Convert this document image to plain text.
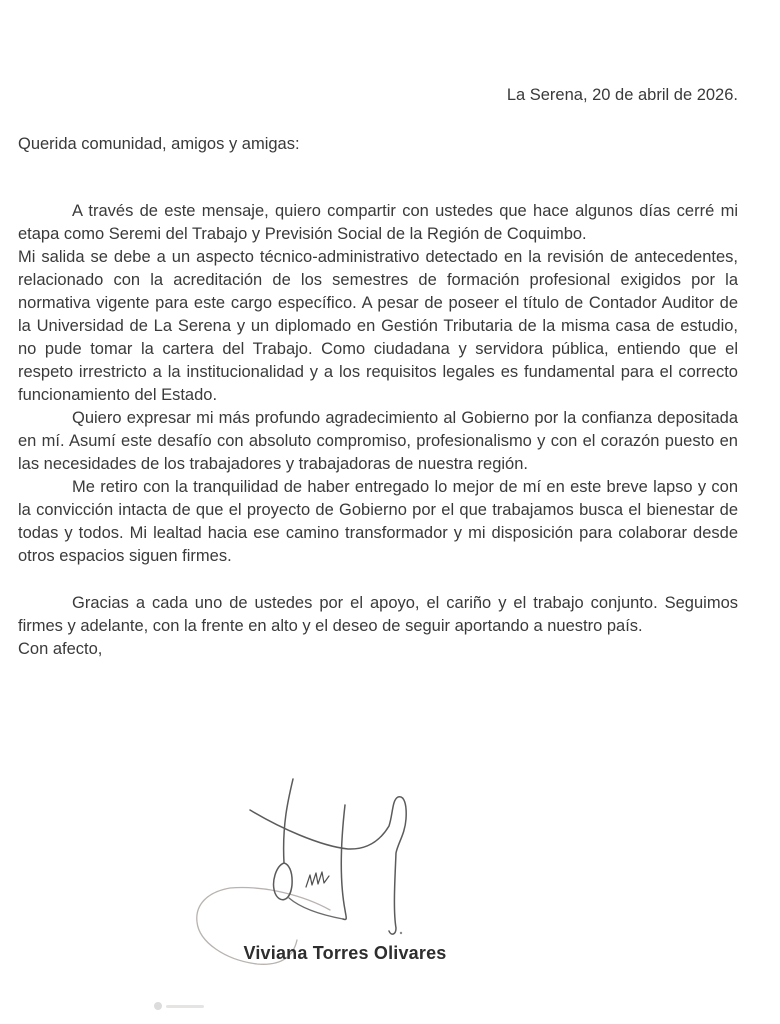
La Serena, 20 de abril de 2026.
Querida comunidad, amigos y amigas:

A través de este mensaje, quiero compartir con ustedes que hace algunos días cerré mi etapa como Seremi del Trabajo y Previsión Social de la Región de Coquimbo.

Mi salida se debe a un aspecto técnico-administrativo detectado en la revisión de antecedentes, relacionado con la acreditación de los semestres de formación profesional exigidos por la normativa vigente para este cargo específico. A pesar de poseer el título de Contador Auditor de la Universidad de La Serena y un diplomado en Gestión Tributaria de la misma casa de estudio, no pude tomar la cartera del Trabajo. Como ciudadana y servidora pública, entiendo que el respeto irrestricto a la institucionalidad y a los requisitos legales es fundamental para el correcto funcionamiento del Estado.

Quiero expresar mi más profundo agradecimiento al Gobierno por la confianza depositada en mí. Asumí este desafío con absoluto compromiso, profesionalismo y con el corazón puesto en las necesidades de los trabajadores y trabajadoras de nuestra región.

Me retiro con la tranquilidad de haber entregado lo mejor de mí en este breve lapso y con la convicción intacta de que el proyecto de Gobierno por el que trabajamos busca el bienestar de todas y todos. Mi lealtad hacia ese camino transformador y mi disposición para colaborar desde otros espacios siguen firmes.

Gracias a cada uno de ustedes por el apoyo, el cariño y el trabajo conjunto. Seguimos firmes y adelante, con la frente en alto y el deseo de seguir aportando a nuestro país.

Con afecto,
Viviana Torres Olivares
